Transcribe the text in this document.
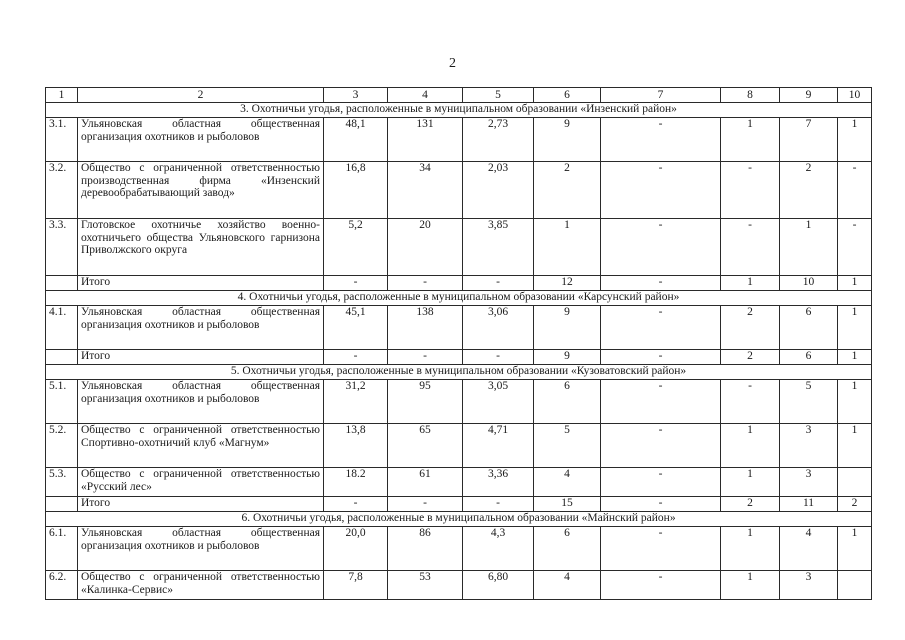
2
1	2	3	4	5	6	7	8	9	10
3. Охотничьи угодья, расположенные в муниципальном образовании «Инзенский район»									
3.1.	Ульяновская областная общественная организация охотников и рыболовов	48,1	131	2,73	9	-	1	7	1
3.2.	Общество с ограниченной ответственностью производственная фирма «Инзенский деревообрабатывающий завод»	16,8	34	2,03	2	-	-	2	-
3.3.	Глотовское охотничье хозяйство военно-охотничьего общества Ульяновского гарнизона Приволжского округа	5,2	20	3,85	1	-	-	1	-
	Итого	-	-	-	12	-	1	10	1
4. Охотничьи угодья, расположенные в муниципальном образовании «Карсунский район»									
4.1.	Ульяновская областная общественная организация охотников и рыболовов	45,1	138	3,06	9	-	2	6	1
	Итого	-	-	-	9	-	2	6	1
5. Охотничьи угодья, расположенные в муниципальном образовании «Кузоватовский район»									
5.1.	Ульяновская областная общественная организация охотников и рыболовов	31,2	95	3,05	6	-	-	5	1
5.2.	Общество с ограниченной ответственностью Спортивно-охотничий клуб «Магнум»	13,8	65	4,71	5	-	1	3	1
5.3.	Общество с ограниченной ответственностью «Русский лес»	18.2	61	3,36	4	-	1	3	
	Итого	-	-	-	15	-	2	11	2
6. Охотничьи угодья, расположенные в муниципальном образовании «Майнский район»									
6.1.	Ульяновская областная общественная организация охотников и рыболовов	20,0	86	4,3	6	-	1	4	1
6.2.	Общество с ограниченной ответственностью «Калинка-Сервис»	7,8	53	6,80	4	-	1	3	
